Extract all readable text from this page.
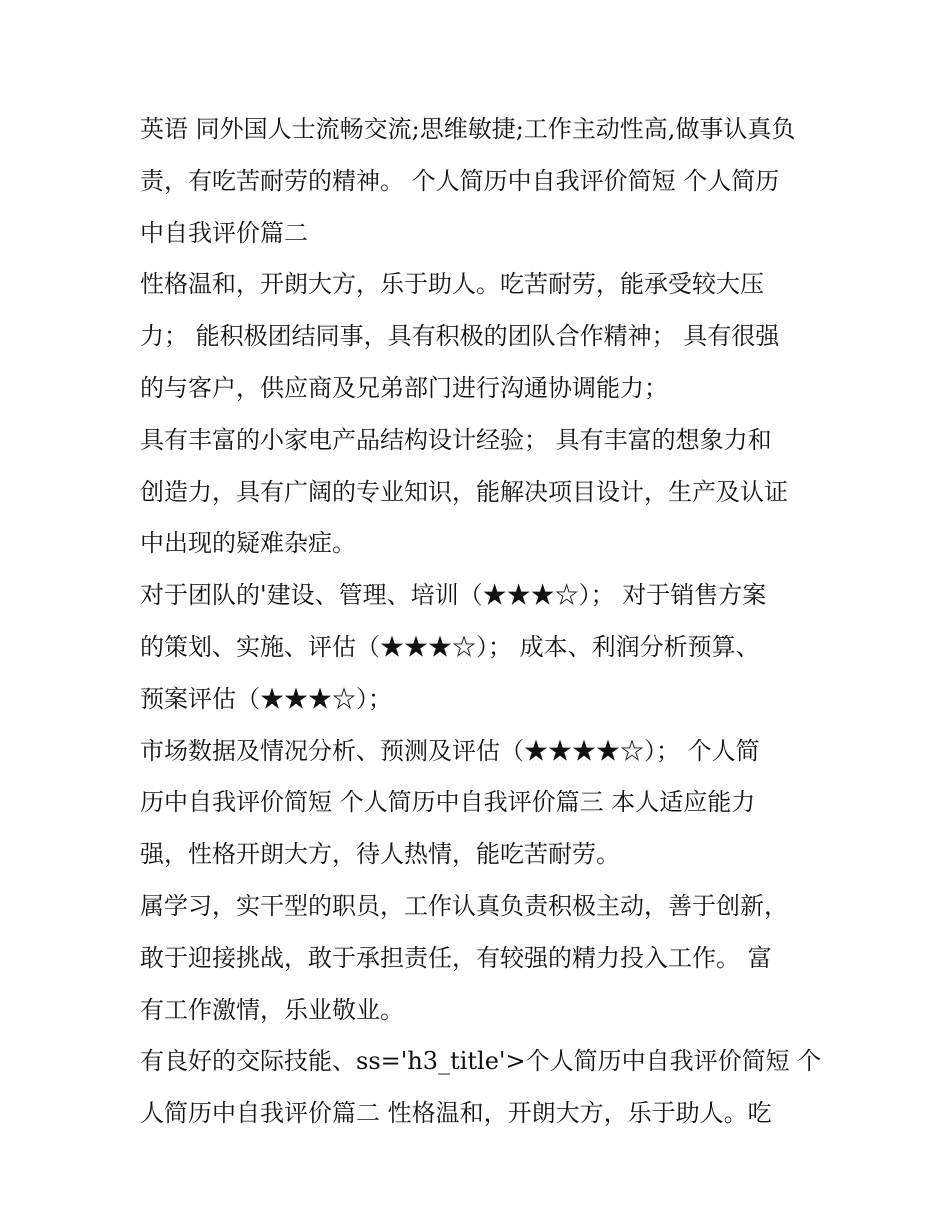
英语 同外国人士流畅交流;思维敏捷;工作主动性高,做事认真负
责，有吃苦耐劳的精神。 个人简历中自我评价简短 个人简历
中自我评价篇二
性格温和，开朗大方，乐于助人。吃苦耐劳，能承受较大压
力； 能积极团结同事，具有积极的团队合作精神； 具有很强
的与客户，供应商及兄弟部门进行沟通协调能力；
具有丰富的小家电产品结构设计经验； 具有丰富的想象力和
创造力，具有广阔的专业知识，能解决项目设计，生产及认证
中出现的疑难杂症。
对于团队的'建设、管理、培训（★★★☆）； 对于销售方案
的策划、实施、评估（★★★☆）； 成本、利润分析预算、
预案评估（★★★☆）；
市场数据及情况分析、预测及评估（★★★★☆）； 个人简
历中自我评价简短 个人简历中自我评价篇三 本人适应能力
强，性格开朗大方，待人热情，能吃苦耐劳。
属学习，实干型的职员，工作认真负责积极主动，善于创新，
敢于迎接挑战，敢于承担责任，有较强的精力投入工作。 富
有工作激情，乐业敬业。
有良好的交际技能、ss='h3_title'>个人简历中自我评价简短 个
人简历中自我评价篇二 性格温和，开朗大方，乐于助人。吃
